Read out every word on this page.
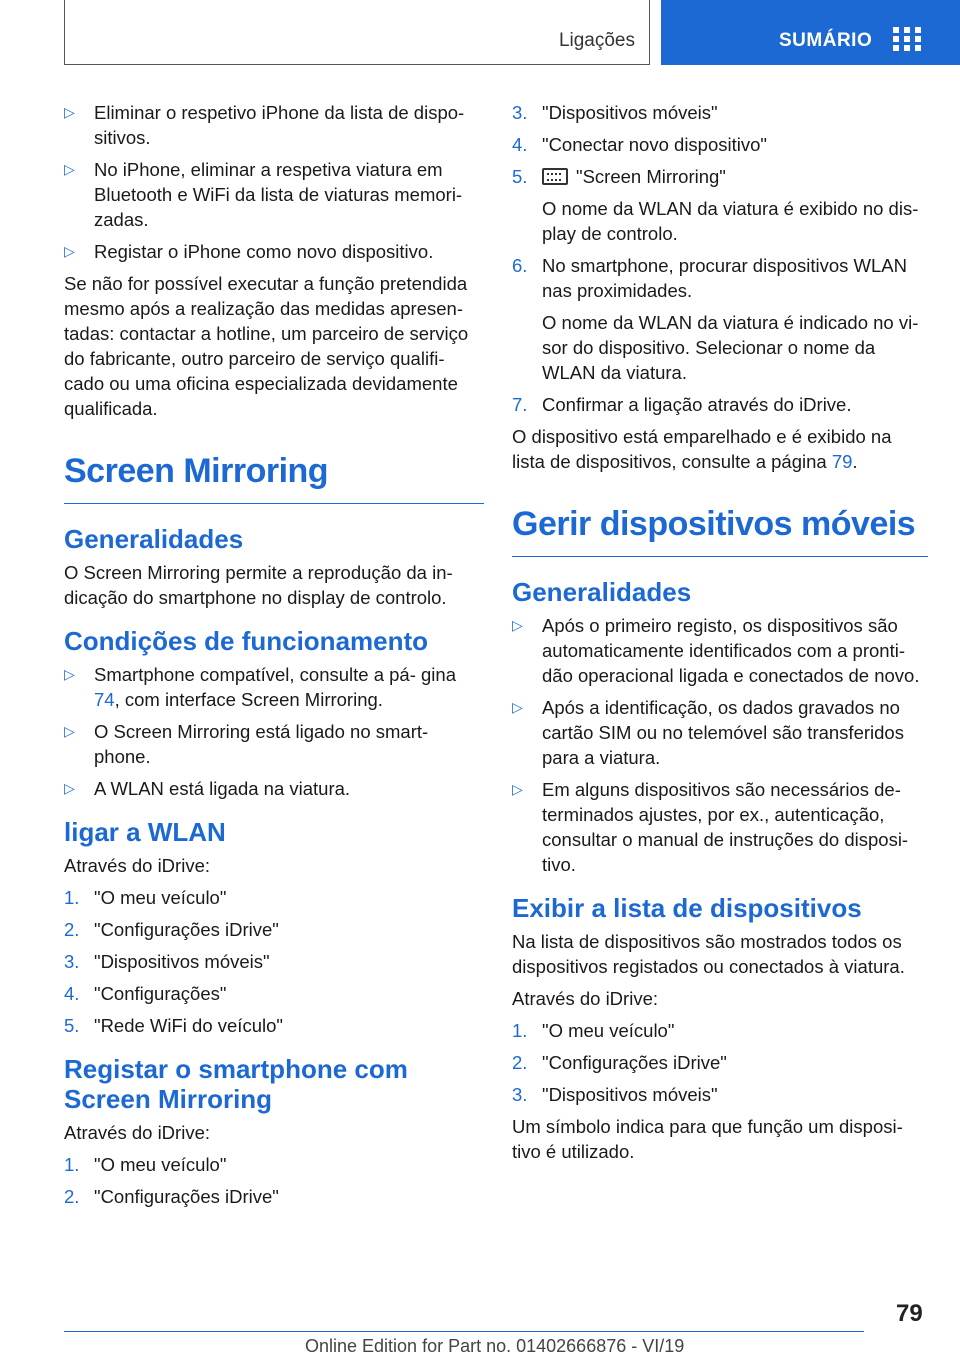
Ligações	SUMÁRIO
▷ Eliminar o respetivo iPhone da lista de dispo‐ sitivos.
▷ No iPhone, eliminar a respetiva viatura em Bluetooth e WiFi da lista de viaturas memori‐ zadas.
▷ Registar o iPhone como novo dispositivo.

Se não for possível executar a função pretendida mesmo após a realização das medidas apresen‐ tadas: contactar a hotline, um parceiro de serviço do fabricante, outro parceiro de serviço qualifi‐ cado ou uma oficina especializada devidamente qualificada.

Screen Mirroring
Generalidades

O Screen Mirroring permite a reprodução da in‐ dicação do smartphone no display de controlo.

Condições de funcionamento
▷ Smartphone compatível, consulte a pá‐ gina 74, com interface Screen Mirroring.
▷ O Screen Mirroring está ligado no smart‐ phone.
▷ A WLAN está ligada na viatura.
ligar a WLAN

Através do iDrive:

1. "O meu veículo"
2. "Configurações iDrive"
3. "Dispositivos móveis"
4. "Configurações"
5. "Rede WiFi do veículo"
Registar o smartphone com Screen Mirroring

Através do iDrive:

1. "O meu veículo"
2. "Configurações iDrive"
3. "Dispositivos móveis"
4. "Conectar novo dispositivo"
5.	"Screen Mirroring"

O nome da WLAN da viatura é exibido no dis‐ play de controlo.

6. No smartphone, procurar dispositivos WLAN nas proximidades.

O nome da WLAN da viatura é indicado no vi‐ sor do dispositivo. Selecionar o nome da WLAN da viatura.

7. Confirmar a ligação através do iDrive.

O dispositivo está emparelhado e é exibido na lista de dispositivos, consulte a página 79.

Gerir dispositivos móveis
Generalidades
▷ Após o primeiro registo, os dispositivos são automaticamente identificados com a pronti‐ dão operacional ligada e conectados de novo.
▷ Após a identificação, os dados gravados no cartão SIM ou no telemóvel são transferidos para a viatura.
▷ Em alguns dispositivos são necessários de‐ terminados ajustes, por ex., autenticação, consultar o manual de instruções do disposi‐ tivo.
Exibir a lista de dispositivos

Na lista de dispositivos são mostrados todos os dispositivos registados ou conectados à viatura.

Através do iDrive:

1. "O meu veículo"
2. "Configurações iDrive"
3. "Dispositivos móveis"

Um símbolo indica para que função um disposi‐ tivo é utilizado.

79
Online Edition for Part no. 01402666876 - VI/19
